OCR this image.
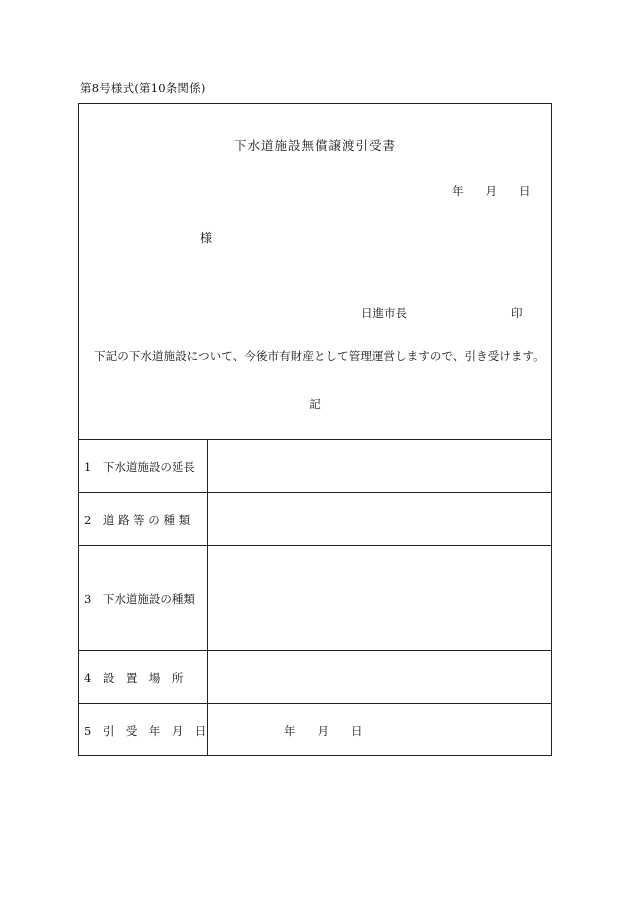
第8号様式(第10条関係)
下水道施設無償譲渡引受書
年 月 日
様
日進市長	印
下記の下水道施設について、今後市有財産として管理運営しますので、引き受けます。
記
1　下水道施設の延長
2　道 路 等 の 種 類
3　下水道施設の種類
4　設　置　場　所
5　引　受　年　月　日	年 月 日
